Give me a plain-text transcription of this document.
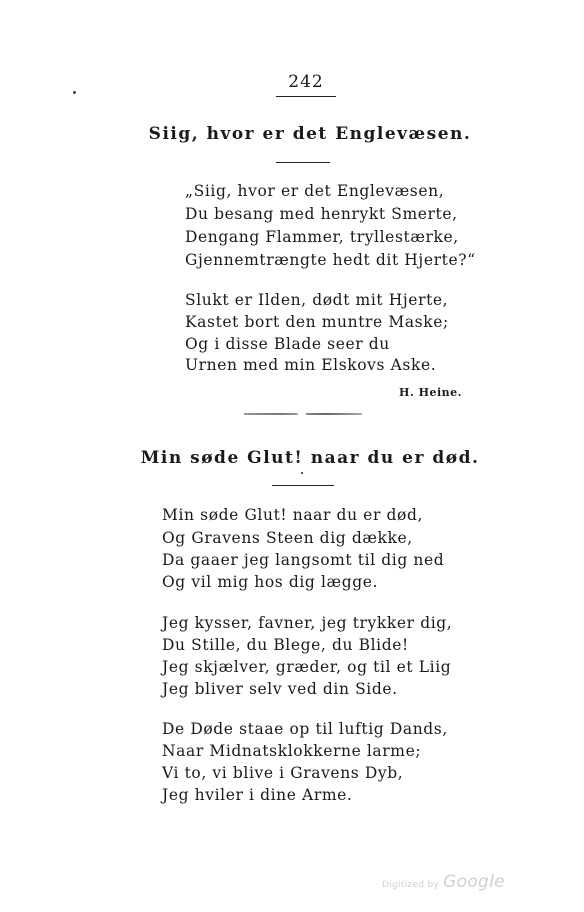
242
Siig, hvor er det Englevæsen.
„Siig, hvor er det Englevæsen,
Du besang med henrykt Smerte,
Dengang Flammer, tryllestærke,
Gjennemtrængte hedt dit Hjerte?“
Slukt er Ilden, dødt mit Hjerte,
Kastet bort den muntre Maske;
Og i disse Blade seer du
Urnen med min Elskovs Aske.
H. Heine.
Min søde Glut! naar du er død.
Min søde Glut! naar du er død,
Og Gravens Steen dig dække,
Da gaaer jeg langsomt til dig ned
Og vil mig hos dig lægge.
Jeg kysser, favner, jeg trykker dig,
Du Stille, du Blege, du Blide!
Jeg skjælver, græder, og til et Liig
Jeg bliver selv ved din Side.
De Døde staae op til luftig Dands,
Naar Midnatsklokkerne larme;
Vi to, vi blive i Gravens Dyb,
Jeg hviler i dine Arme.
Digitized by Google
